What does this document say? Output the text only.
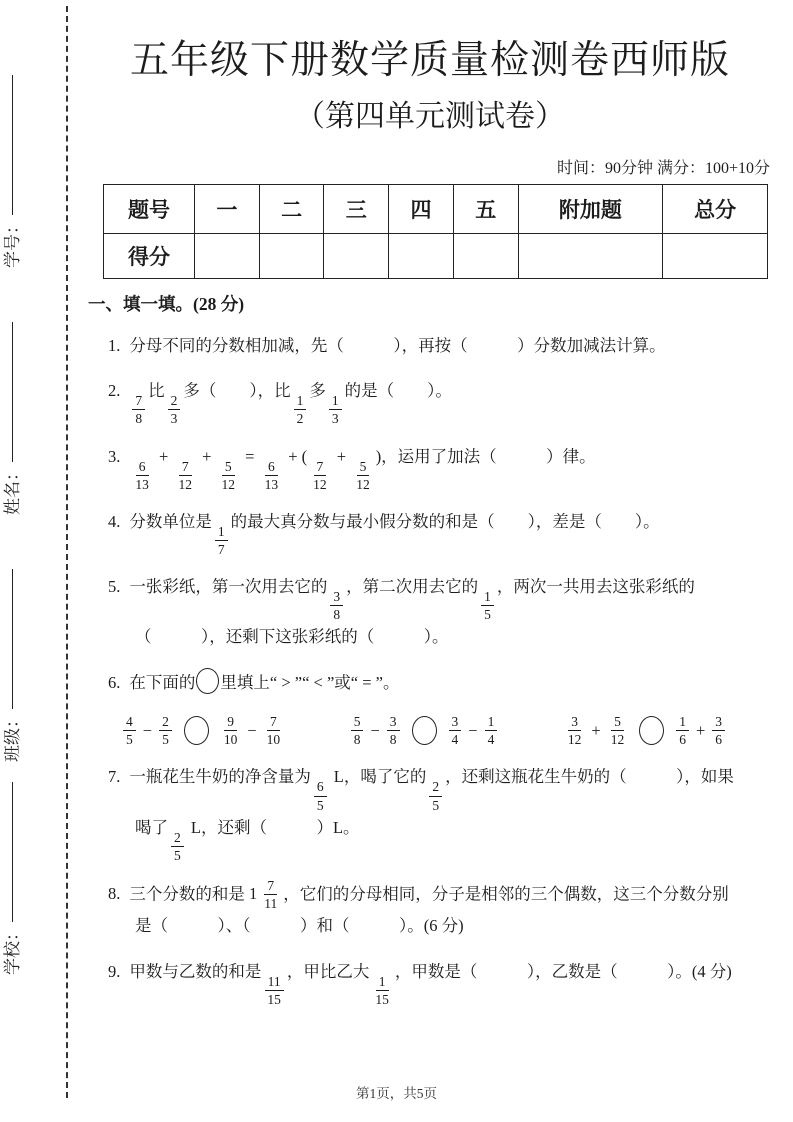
学号：
姓名：
班级：
学校：
五年级下册数学质量检测卷西师版
（第四单元测试卷）
时间：90分钟 满分：100+10分
题号	一	二	三	四	五	附加题	总分
得分							
一、填一填。(28 分)
1. 分母不同的分数相加减，先（　　　），再按（　　　）分数加减法计算。
2.
$\frac{7}{8}$
比
$\frac{2}{3}$
多（　　），比
$\frac{1}{2}$
多
$\frac{1}{3}$
的是（　　）。
3.
$\frac{6}{13}$
+
$\frac{7}{12}$
+
$\frac{5}{12}$
=
$\frac{6}{13}$
+ (
$\frac{7}{12}$
+
$\frac{5}{12}$
)，运用了加法（　　　）律。
4. 分数单位是
$\frac{1}{7}$
的最大真分数与最小假分数的和是（　　），差是（　　）。
5. 一张彩纸，第一次用去它的
$\frac{3}{8}$
，第二次用去它的
$\frac{1}{5}$
，两次一共用去这张彩纸的
（　　　），还剩下这张彩纸的（　　　）。
6. 在下面的 里填上“ > ”“ < ”或“ = ”。
$\frac{4}{5} - \frac{2}{5}$	$\frac{9}{10} - \frac{7}{10}$	$\frac{5}{8} - \frac{3}{8}$	$\frac{3}{4} - \frac{1}{4}$	$\frac{3}{12} + \frac{5}{12}$	$\frac{1}{6} + \frac{3}{6}$
7. 一瓶花生牛奶的净含量为
$\frac{6}{5}$
L，喝了它的
$\frac{2}{5}$
，还剩这瓶花生牛奶的（　　　），如果
喝了
$\frac{2}{5}$
L，还剩（　　　）L。
8. 三个分数的和是 $1 \frac{7}{11}$ ，它们的分母相同，分子是相邻的三个偶数，这三个分数分别
是（　　　）、（　　　）和（　　　）。(6 分)
9. 甲数与乙数的和是
$\frac{11}{15}$
，甲比乙大
$\frac{1}{15}$
，甲数是（　　　），乙数是（　　　）。(4 分)
第1页，共5页
